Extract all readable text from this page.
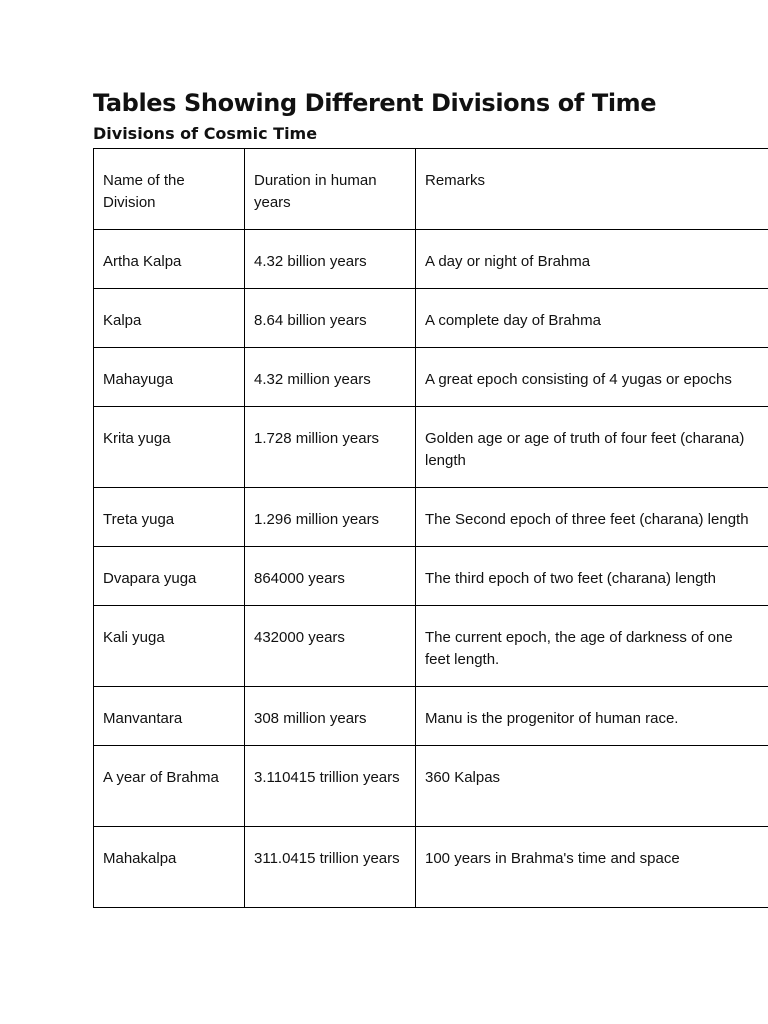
Tables Showing Different Divisions of Time
Divisions of Cosmic Time
Name of the Division	Duration in human years	Remarks
Artha Kalpa	4.32 billion years	A day or night of Brahma
Kalpa	8.64 billion years	A complete day of Brahma
Mahayuga	4.32 million years	A great epoch consisting of 4 yugas or epochs
Krita yuga	1.728 million years	Golden age or age of truth of four feet (charana) length
Treta yuga	1.296 million years	The Second epoch of three feet (charana) length
Dvapara yuga	864000 years	The third epoch of two feet (charana) length
Kali yuga	432000 years	The current epoch, the age of darkness of one feet length.
Manvantara	308 million years	Manu is the progenitor of human race.
A year of Brahma	3.110415 trillion years	360 Kalpas
Mahakalpa	311.0415 trillion years	100 years in Brahma's time and space
